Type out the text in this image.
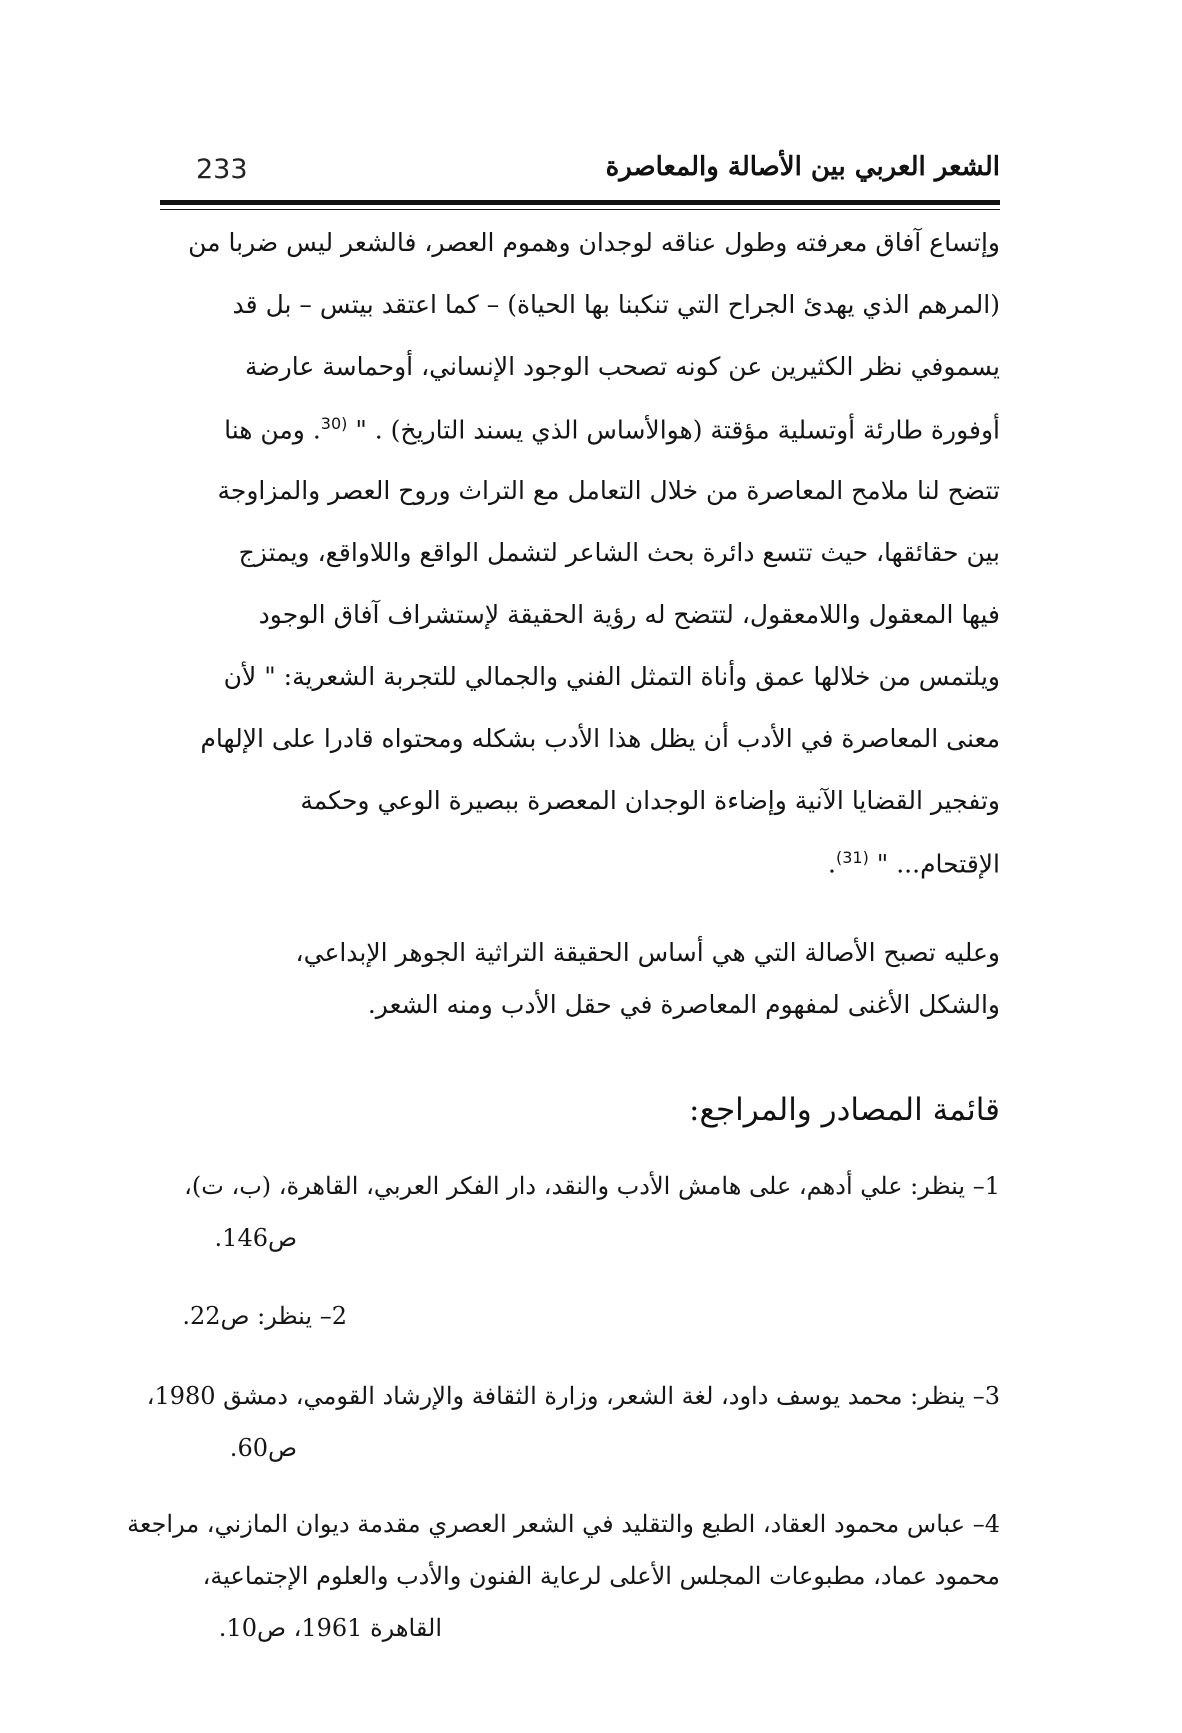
233	الشعر العربي بين الأصالة والمعاصرة
وإتساع آفاق معرفته وطول عناقه لوجدان وهموم العصر، فالشعر ليس ضربا من
(المرهم الذي يهدئ الجراح التي تنكبنا بها الحياة) – كما اعتقد بيتس – بل قد
يسموفي نظر الكثيرين عن كونه تصحب الوجود الإنساني، أوحماسة عارضة
أوفورة طارئة أوتسلية مؤقتة (هوالأساس الذي يسند التاريخ) . " $^{(30}$. ومن هنا
تتضح لنا ملامح المعاصرة من خلال التعامل مع التراث وروح العصر والمزاوجة
بين حقائقها، حيث تتسع دائرة بحث الشاعر لتشمل الواقع واللاواقع، ويمتزج
فيها المعقول واللامعقول، لتتضح له رؤية الحقيقة لإستشراف آفاق الوجود
ويلتمس من خلالها عمق وأناة التمثل الفني والجمالي للتجربة الشعرية: " لأن
معنى المعاصرة في الأدب أن يظل هذا الأدب بشكله ومحتواه قادرا على الإلهام
وتفجير القضايا الآنية وإضاءة الوجدان المعصرة ببصيرة الوعي وحكمة
الإقتحام... " $^{(31)}$.
وعليه تصبح الأصالة التي هي أساس الحقيقة التراثية الجوهر الإبداعي،
والشكل الأغنى لمفهوم المعاصرة في حقل الأدب ومنه الشعر.
قائمة المصادر والمراجع:
1– ينظر: علي أدهم، على هامش الأدب والنقد، دار الفكر العربي، القاهرة، (ب، ت)،
ص146.
2– ينظر: ص22.
3– ينظر: محمد يوسف داود، لغة الشعر، وزارة الثقافة والإرشاد القومي، دمشق 1980،
ص60.
4– عباس محمود العقاد، الطبع والتقليد في الشعر العصري مقدمة ديوان المازني، مراجعة
محمود عماد، مطبوعات المجلس الأعلى لرعاية الفنون والأدب والعلوم الإجتماعية،
القاهرة 1961، ص10.
